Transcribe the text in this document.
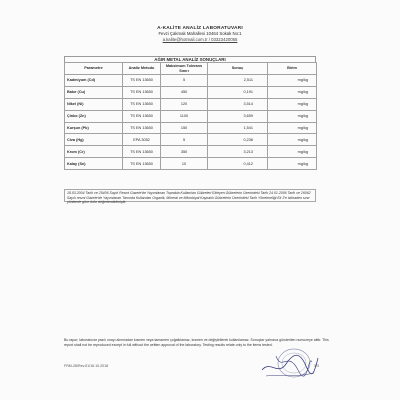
A-KALİTE ANALİZ LABORATUVARI
Fevzi Çakmak Mahallesi 10464 Sokak No:1
a.kalite@hotmail.com.tr / 03323420055
AĞIR METAL ANALİZ SONUÇLARI
Parametre	Analiz Metodu	Maksimum Tolerans Sınırı	Sonuç	Birim
Kadmiyum (Cd)	TS EN 13650	5	2,511	mg/kg
Bakır (Cu)	TS EN 13650	450	0,191	mg/kg
Nikel (Ni)	TS EN 13650	120	3,514	mg/kg
Çinko (Zn)	TS EN 13650	1100	3,659	mg/kg
Kurşun (Pb)	TS EN 13650	150	1,541	mg/kg
Civa (Hg)	EPA 3052	5	0,236	mg/kg
Krom (Cr)	TS EN 13650	350	3,213	mg/kg
Kalay (Sn)	TS EN 13650	10	0,412	mg/kg
18.03.2004 Tarih ve 25406 Sayılı Resmi Gazete'de Yayımlanan Toprakta Kullanılan Gübreleri Ekleyen Gübrelerin Üzerindeki Tarih 24.01.2006 Tarih ve 26062 Sayılı resmi Gazete'de Yayımlanan Tarımda Kullanılan Organik, Mineral ve Mikrobiyal Kaynaklı Gübrelerin Üzerindeki Tarih Yönetmeliği Ek 3'e istinaden sınır yöntemle göre ürün değerlendirilmiştir.
Bu rapor; laboratuvar yazılı onayı alınmadan kısmen veya tamamen çoğaltılamaz, kısmen ve değiştirilerek kullanılamaz. Sonuçlar yalnızca gönderilen numuneye aittir. This report shall not be reproduced except in full without the written approval of the laboratory. Testing results relate only to the items tested.
FRM-28/Rev.01/16.10.2018	3/3
